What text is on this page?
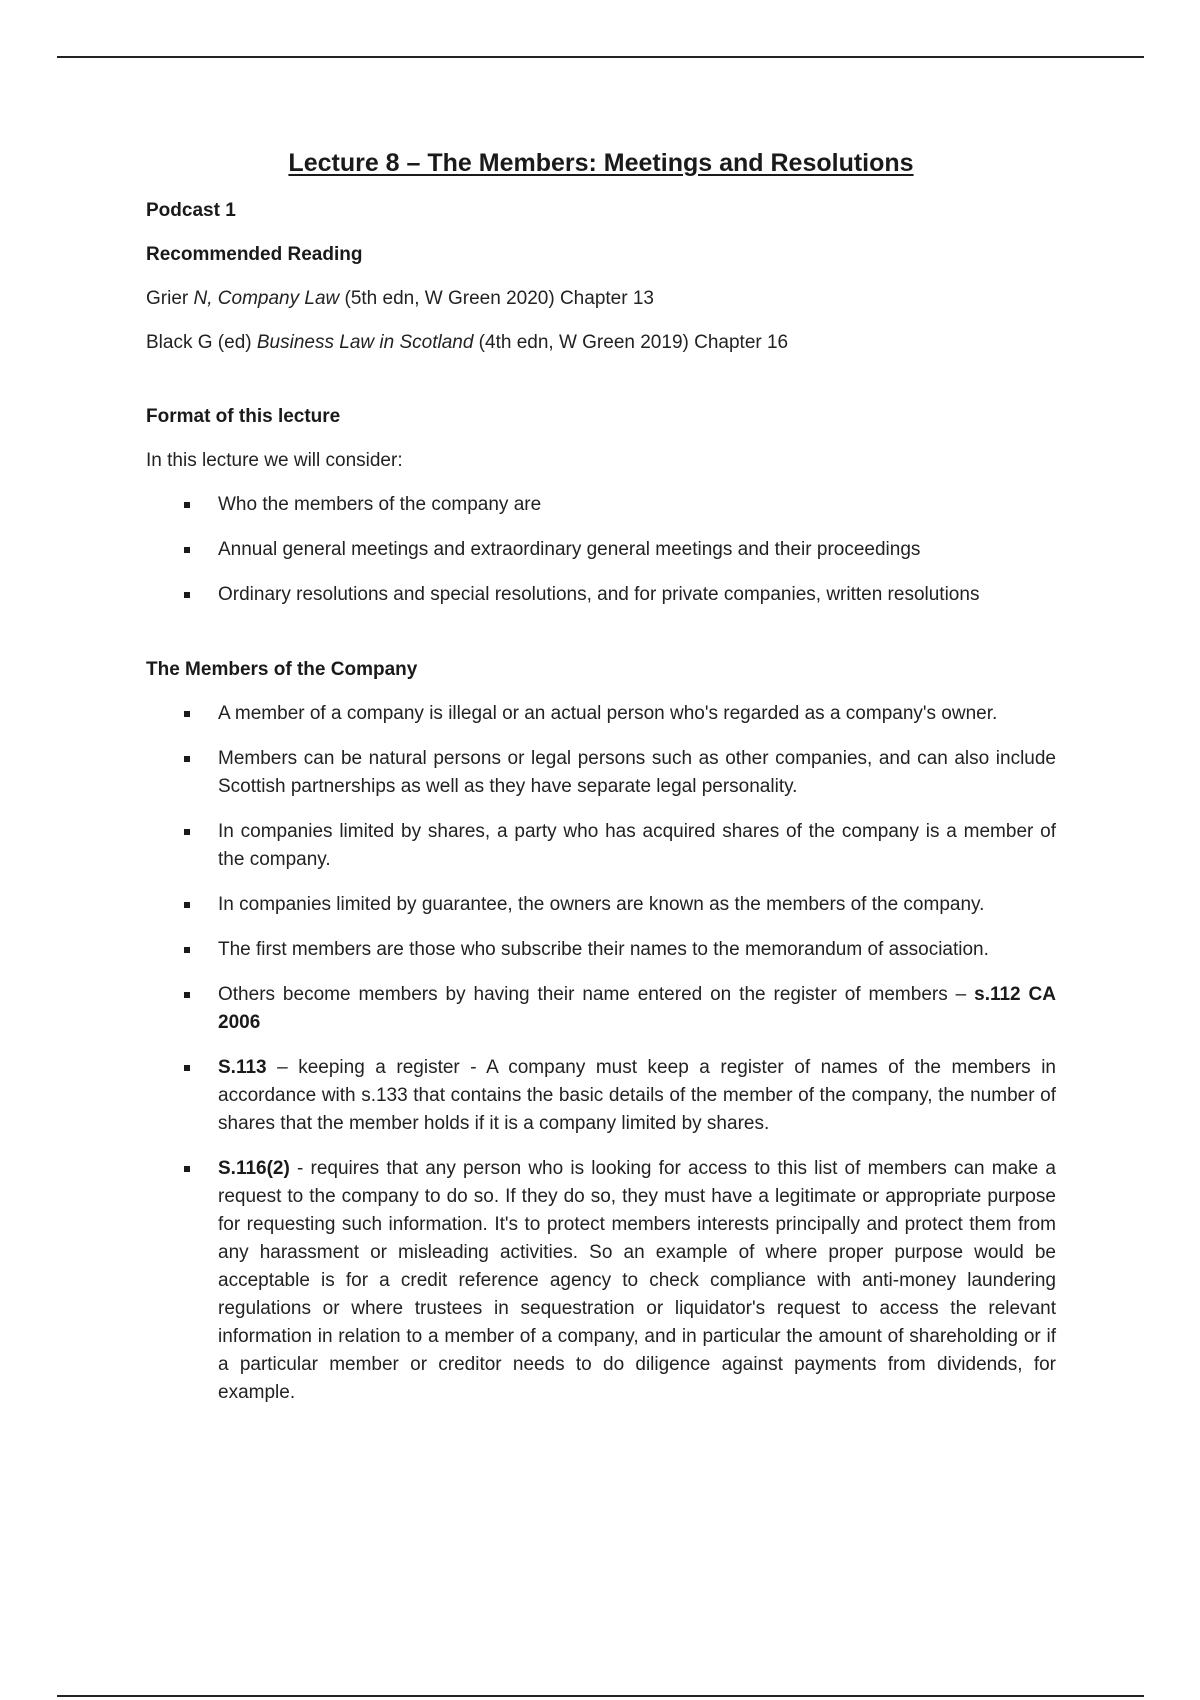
Lecture 8 – The Members: Meetings and Resolutions
Podcast 1
Recommended Reading

Grier N, Company Law (5th edn, W Green 2020) Chapter 13

Black G (ed) Business Law in Scotland (4th edn, W Green 2019) Chapter 16

Format of this lecture

In this lecture we will consider:

Who the members of the company are
Annual general meetings and extraordinary general meetings and their proceedings
Ordinary resolutions and special resolutions, and for private companies, written resolutions
The Members of the Company
A member of a company is illegal or an actual person who's regarded as a company's owner.
Members can be natural persons or legal persons such as other companies, and can also include Scottish partnerships as well as they have separate legal personality.
In companies limited by shares, a party who has acquired shares of the company is a member of the company.
In companies limited by guarantee, the owners are known as the members of the company.
The first members are those who subscribe their names to the memorandum of association.
Others become members by having their name entered on the register of members – s.112 CA 2006
S.113 – keeping a register - A company must keep a register of names of the members in accordance with s.133 that contains the basic details of the member of the company, the number of shares that the member holds if it is a company limited by shares.
S.116(2) - requires that any person who is looking for access to this list of members can make a request to the company to do so. If they do so, they must have a legitimate or appropriate purpose for requesting such information. It's to protect members interests principally and protect them from any harassment or misleading activities. So an example of where proper purpose would be acceptable is for a credit reference agency to check compliance with anti-money laundering regulations or where trustees in sequestration or liquidator's request to access the relevant information in relation to a member of a company, and in particular the amount of shareholding or if a particular member or creditor needs to do diligence against payments from dividends, for example.
